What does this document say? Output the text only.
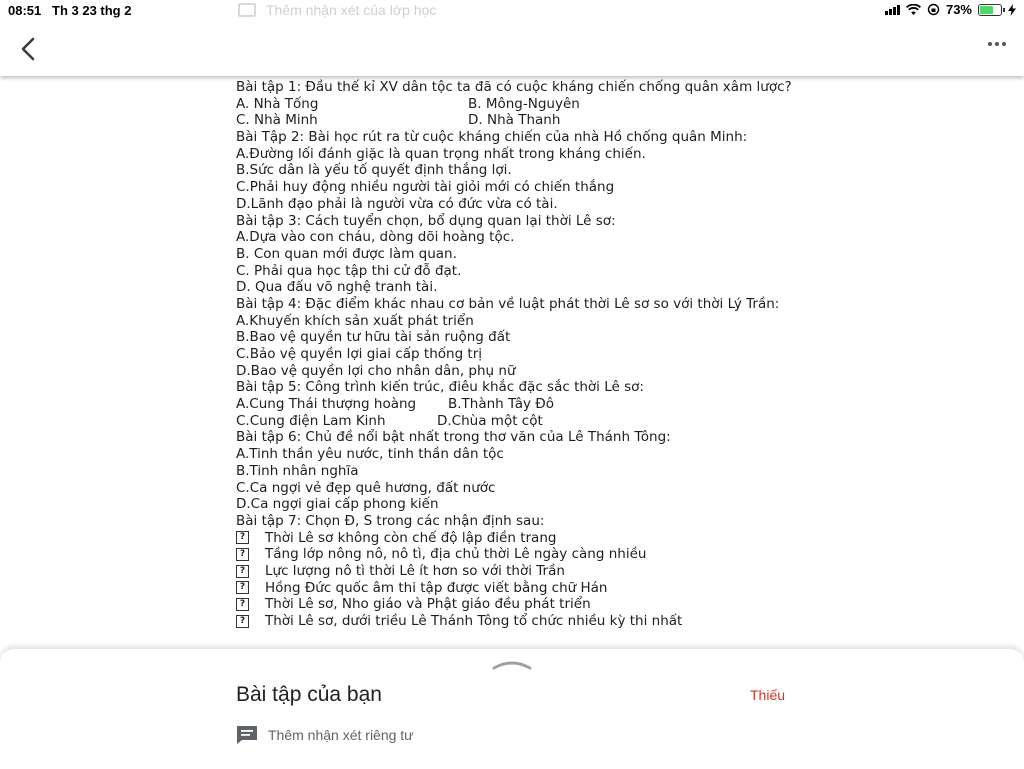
08:51 Th 3 23 thg 2	Thêm nhận xét của lớp học	73%
Bài tập 1: Đầu thế kỉ XV dân tộc ta đã có cuộc kháng chiến chống quân xâm lược?
A. Nhà Tống	B. Mông-Nguyên
C. Nhà Minh	D. Nhà Thanh
Bài Tập 2: Bài học rút ra từ cuộc kháng chiến của nhà Hồ chống quân Minh:
A.Đường lối đánh giặc là quan trọng nhất trong kháng chiến.
B.Sức dân là yếu tố quyết định thắng lợi.
C.Phải huy động nhiều người tài giỏi mới có chiến thắng
D.Lãnh đạo phải là người vừa có đức vừa có tài.
Bài tập 3: Cách tuyển chọn, bổ dụng quan lại thời Lê sơ:
A.Dựa vào con cháu, dòng dõi hoàng tộc.
B. Con quan mới được làm quan.
C. Phải qua học tập thi cử đỗ đạt.
D. Qua đấu võ nghệ tranh tài.
Bài tập 4: Đặc điểm khác nhau cơ bản về luật phát thời Lê sơ so với thời Lý Trần:
A.Khuyến khích sản xuất phát triển
B.Bao vệ quyền tư hữu tài sản ruộng đất
C.Bảo vệ quyền lợi giai cấp thống trị
D.Bao vệ quyền lợi cho nhân dân, phụ nữ
Bài tập 5: Công trình kiến trúc, điêu khắc đặc sắc thời Lê sơ:
A.Cung Thái thượng hoàng B.Thành Tây Đô
C.Cung điện Lam Kinh	D.Chùa một cột
Bài tập 6: Chủ đề nổi bật nhất trong thơ văn của Lê Thánh Tông:
A.Tinh thần yêu nước, tinh thần dân tộc
B.Tinh nhân nghĩa
C.Ca ngợi vẻ đẹp quê hương, đất nước
D.Ca ngợi giai cấp phong kiến
Bài tập 7: Chọn Đ, S trong các nhận định sau:
? Thời Lê sơ không còn chế độ lập điền trang
? Tầng lớp nông nô, nô tì, địa chủ thời Lê ngày càng nhiều
? Lực lượng nô tì thời Lê ít hơn so với thời Trần
? Hồng Đức quốc âm thi tập được viết bằng chữ Hán
? Thời Lê sơ, Nho giáo và Phật giáo đều phát triển
? Thời Lê sơ, dưới triều Lê Thánh Tông tổ chức nhiều kỳ thi nhất
Bài tập của bạn	Thiếu
Thêm nhận xét riêng tư
